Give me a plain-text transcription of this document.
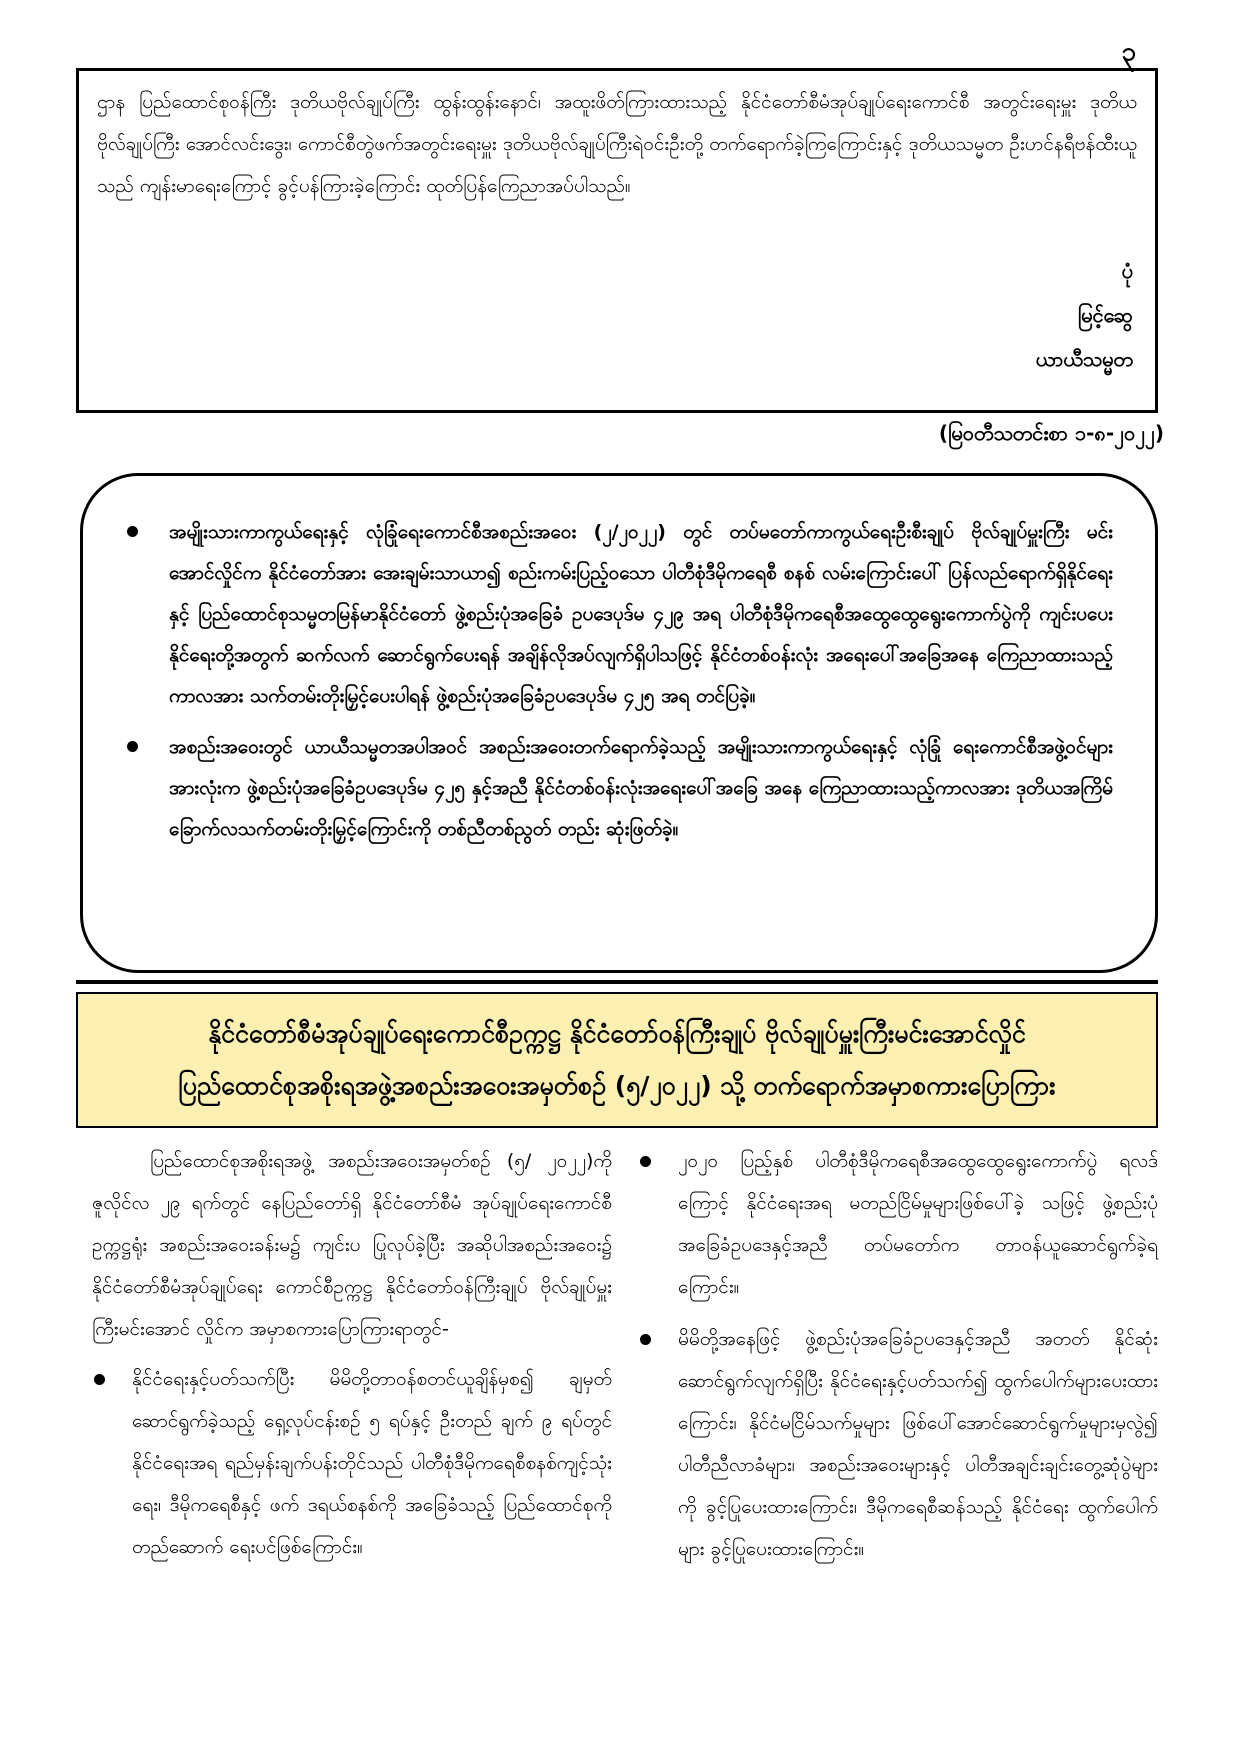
၃

ဌာန ပြည်ထောင်စုဝန်ကြီး ဒုတိယဗိုလ်ချုပ်ကြီး ထွန်းထွန်းနောင်၊ အထူးဖိတ်ကြားထားသည့် နိုင်ငံတော်စီမံအုပ်ချုပ်ရေးကောင်စီ အတွင်းရေးမှူး ဒုတိယဗိုလ်ချုပ်ကြီး အောင်လင်းဒွေး၊ ကောင်စီတွဲဖက်အတွင်းရေးမှူး ဒုတိယဗိုလ်ချုပ်ကြီးရဲဝင်းဦးတို့ တက်ရောက်ခဲ့ကြကြောင်းနှင့် ဒုတိယသမ္မတ ဦးဟင်နရီဗန်ထီးယူသည် ကျန်းမာရေးကြောင့် ခွင့်ပန်ကြားခဲ့ကြောင်း ထုတ်ပြန်ကြေညာအပ်ပါသည်။

ပုံ
မြင့်ဆွေ
ယာယီသမ္မတ
(မြဝတီသတင်းစာ ၁-၈-၂၀၂၂)
အမျိုးသားကာကွယ်ရေးနှင့် လုံခြုံရေးကောင်စီအစည်းအဝေး (၂/၂၀၂၂) တွင် တပ်မတော်ကာကွယ်ရေးဦးစီးချုပ် ဗိုလ်ချုပ်မှူးကြီး မင်းအောင်လှိုင်က နိုင်ငံတော်အား အေးချမ်းသာယာ၍ စည်းကမ်းပြည့်ဝသော ပါတီစုံဒီမိုကရေစီ စနစ် လမ်းကြောင်းပေါ် ပြန်လည်ရောက်ရှိနိုင်ရေးနှင့် ပြည်ထောင်စုသမ္မတမြန်မာနိုင်ငံတော် ဖွဲ့စည်းပုံအခြေခံ ဥပဒေပုဒ်မ ၄၂၉ အရ ပါတီစုံဒီမိုကရေစီအထွေထွေရွေးကောက်ပွဲကို ကျင်းပပေးနိုင်ရေးတို့အတွက် ဆက်လက် ဆောင်ရွက်ပေးရန် အချိန်လိုအပ်လျက်ရှိပါသဖြင့် နိုင်ငံတစ်ဝန်းလုံး အရေးပေါ်အခြေအနေ ကြေညာထားသည့် ကာလအား သက်တမ်းတိုးမြှင့်ပေးပါရန် ဖွဲ့စည်းပုံအခြေခံဥပဒေပုဒ်မ ၄၂၅ အရ တင်ပြခဲ့။
အစည်းအဝေးတွင် ယာယီသမ္မတအပါအဝင် အစည်းအဝေးတက်ရောက်ခဲ့သည့် အမျိုးသားကာကွယ်ရေးနှင့် လုံခြုံ ရေးကောင်စီအဖွဲ့ဝင်များအားလုံးက ဖွဲ့စည်းပုံအခြေခံဥပဒေပုဒ်မ ၄၂၅ နှင့်အညီ နိုင်ငံတစ်ဝန်းလုံးအရေးပေါ်အခြေ အနေ ကြေညာထားသည့်ကာလအား ဒုတိယအကြိမ် ခြောက်လသက်တမ်းတိုးမြှင့်ကြောင်းကို တစ်ညီတစ်ညွတ် တည်း ဆုံးဖြတ်ခဲ့။
နိုင်ငံတော်စီမံအုပ်ချုပ်ရေးကောင်စီဥက္ကဋ္ဌ နိုင်ငံတော်ဝန်ကြီးချုပ် ဗိုလ်ချုပ်မှူးကြီးမင်းအောင်လှိုင်
ပြည်ထောင်စုအစိုးရအဖွဲ့အစည်းအဝေးအမှတ်စဉ် (၅/၂၀၂၂) သို့ တက်ရောက်အမှာစကားပြောကြား

ပြည်ထောင်စုအစိုးရအဖွဲ့ အစည်းအဝေးအမှတ်စဉ် (၅/ ၂၀၂၂)ကို ဇူလိုင်လ ၂၉ ရက်တွင် နေပြည်တော်ရှိ နိုင်ငံတော်စီမံ အုပ်ချုပ်ရေးကောင်စီဥက္ကဋ္ဌရုံး အစည်းအဝေးခန်းမ၌ ကျင်းပ ပြုလုပ်ခဲ့ပြီး အဆိုပါအစည်းအဝေး၌ နိုင်ငံတော်စီမံအုပ်ချုပ်ရေး ကောင်စီဥက္ကဋ္ဌ နိုင်ငံတော်ဝန်ကြီးချုပ် ဗိုလ်ချုပ်မှူးကြီးမင်းအောင် လှိုင်က အမှာစကားပြောကြားရာတွင်-

နိုင်ငံရေးနှင့်ပတ်သက်ပြီး မိမိတို့တာဝန်စတင်ယူချိန်မှစ၍ ချမှတ်ဆောင်ရွက်ခဲ့သည့် ရှေ့လုပ်ငန်းစဉ် ၅ ရပ်နှင့် ဦးတည် ချက် ၉ ရပ်တွင် နိုင်ငံရေးအရ ရည်မှန်းချက်ပန်းတိုင်သည် ပါတီစုံဒီမိုကရေစီစနစ်ကျင့်သုံးရေး၊ ဒီမိုကရေစီနှင့် ဖက် ဒရယ်စနစ်ကို အခြေခံသည့် ပြည်ထောင်စုကို တည်ဆောက် ရေးပင်ဖြစ်ကြောင်း။
၂၀၂၀ ပြည့်နှစ် ပါတီစုံဒီမိုကရေစီအထွေထွေရွေးကောက်ပွဲ ရလဒ်ကြောင့် နိုင်ငံရေးအရ မတည်ငြိမ်မှုများဖြစ်ပေါ်ခဲ့ သဖြင့် ဖွဲ့စည်းပုံအခြေခံဥပဒေနှင့်အညီ တပ်မတော်က တာဝန်ယူဆောင်ရွက်ခဲ့ရကြောင်း။
မိမိတို့အနေဖြင့် ဖွဲ့စည်းပုံအခြေခံဥပဒေနှင့်အညီ အတတ် နိုင်ဆုံး ဆောင်ရွက်လျက်ရှိပြီး နိုင်ငံရေးနှင့်ပတ်သက်၍ ထွက်ပေါက်များပေးထားကြောင်း၊ နိုင်ငံမငြိမ်သက်မှုများ ဖြစ်ပေါ်အောင်ဆောင်ရွက်မှုများမှလွဲ၍ ပါတီညီလာခံများ၊ အစည်းအဝေးများနှင့် ပါတီအချင်းချင်းတွေ့ဆုံပွဲများကို ခွင့်ပြုပေးထားကြောင်း၊ ဒီမိုကရေစီဆန်သည့် နိုင်ငံရေး ထွက်ပေါက်များ ခွင့်ပြုပေးထားကြောင်း။
